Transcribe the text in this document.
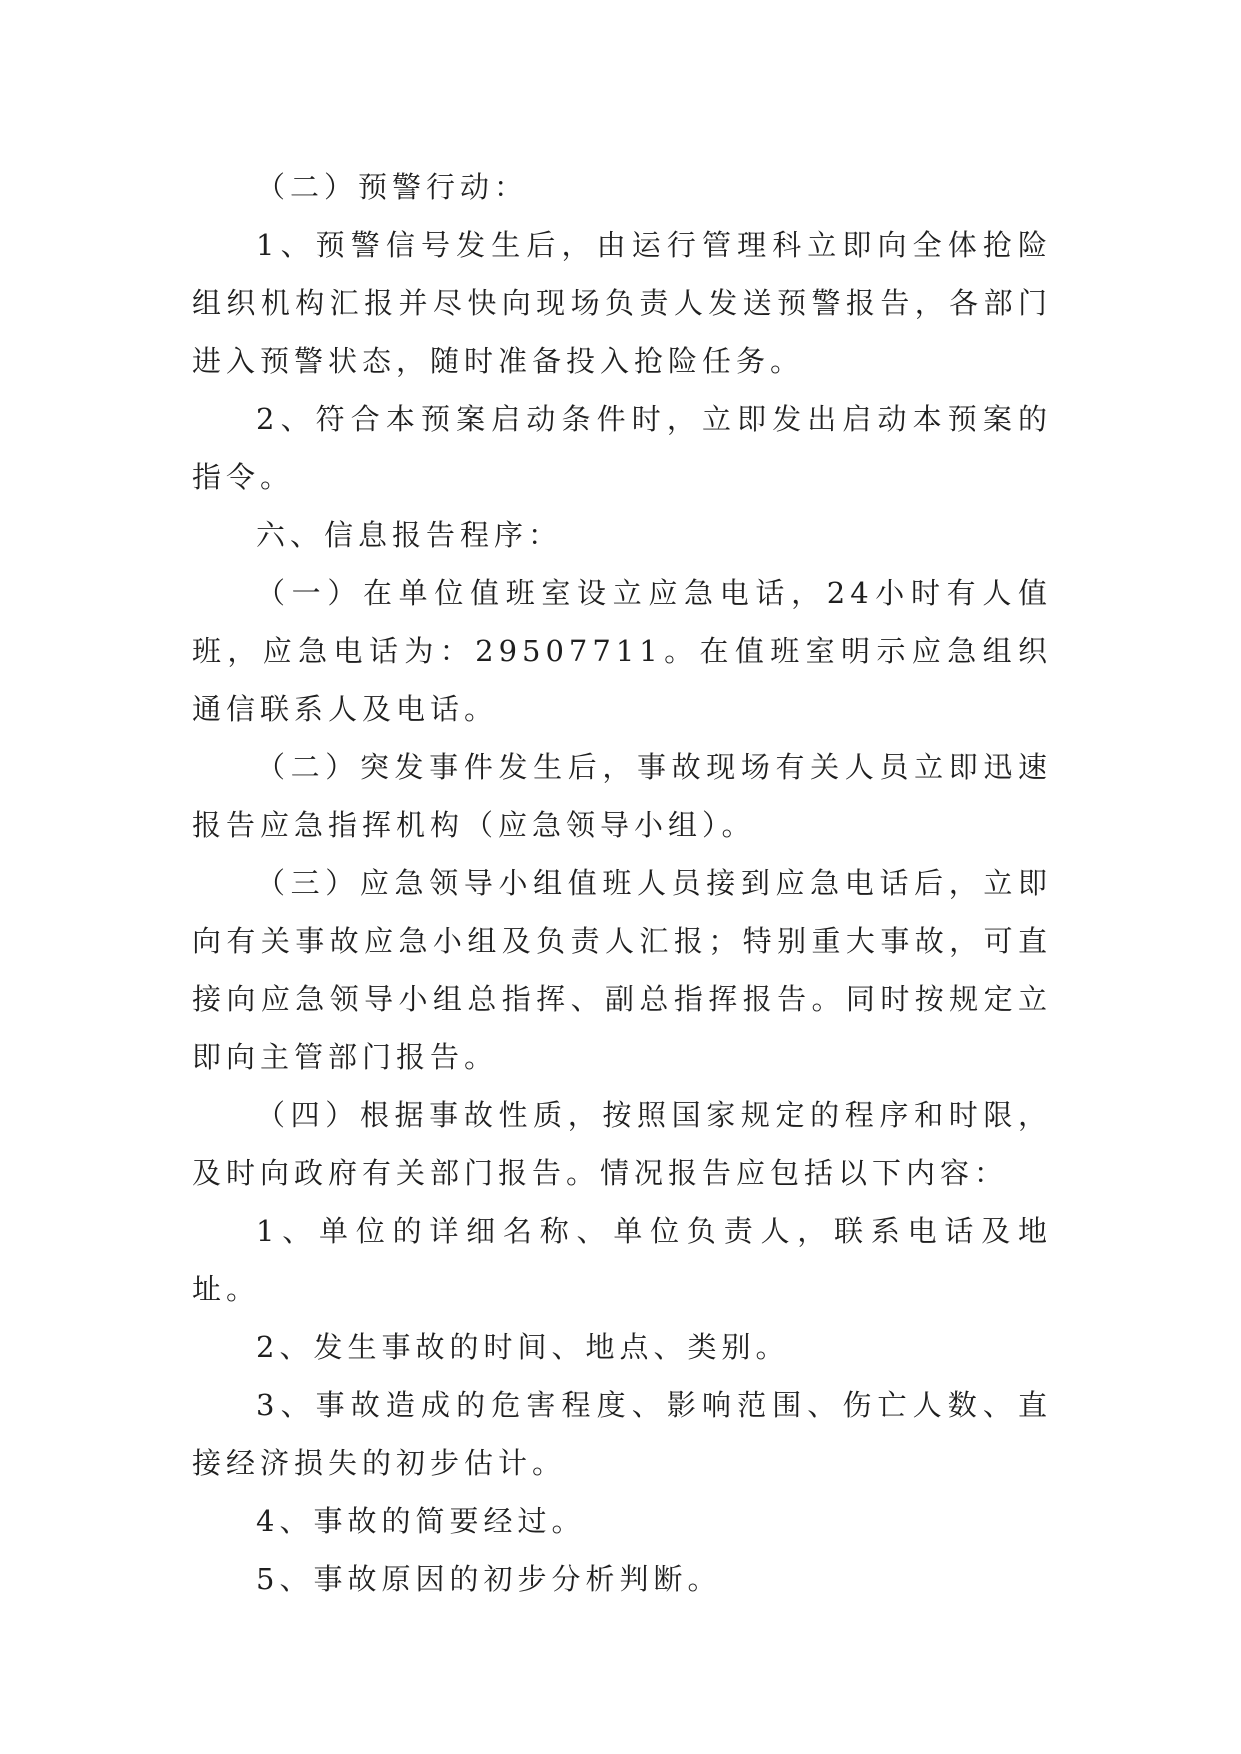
（二）预警行动：

1、预警信号发生后，由运行管理科立即向全体抢险组织机构汇报并尽快向现场负责人发送预警报告，各部门进入预警状态，随时准备投入抢险任务。

2、符合本预案启动条件时，立即发出启动本预案的指令。

六、信息报告程序：

（一）在单位值班室设立应急电话，24小时有人值班，应急电话为：29507711。在值班室明示应急组织通信联系人及电话。

（二）突发事件发生后，事故现场有关人员立即迅速报告应急指挥机构（应急领导小组）。

（三）应急领导小组值班人员接到应急电话后，立即向有关事故应急小组及负责人汇报；特别重大事故，可直接向应急领导小组总指挥、副总指挥报告。同时按规定立即向主管部门报告。

（四）根据事故性质，按照国家规定的程序和时限，及时向政府有关部门报告。情况报告应包括以下内容：

1、单位的详细名称、单位负责人，联系电话及地址。

2、发生事故的时间、地点、类别。

3、事故造成的危害程度、影响范围、伤亡人数、直接经济损失的初步估计。

4、事故的简要经过。

5、事故原因的初步分析判断。
